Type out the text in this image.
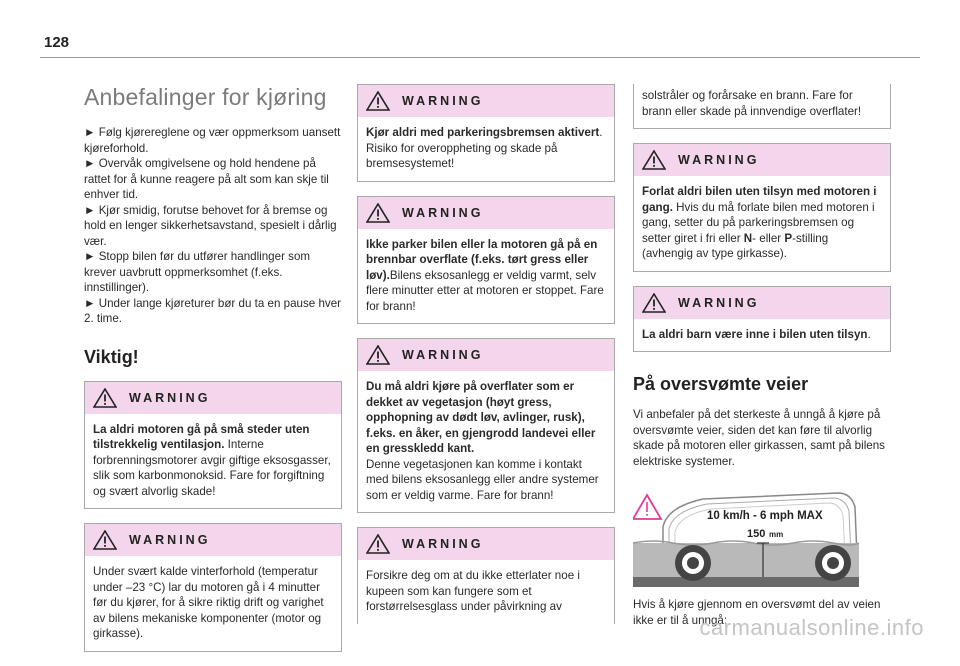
128
Anbefalinger for kjøring

► Følg kjørereglene og vær oppmerksom uansett kjøreforhold.
► Overvåk omgivelsene og hold hendene på rattet for å kunne reagere på alt som kan skje til enhver tid.
► Kjør smidig, forutse behovet for å bremse og hold en lenger sikkerhetsavstand, spesielt i dårlig vær.
► Stopp bilen før du utfører handlinger som krever uavbrutt oppmerksomhet (f.eks. innstillinger).
► Under lange kjøreturer bør du ta en pause hver 2. time.

Viktig!
WARNING
La aldri motoren gå på små steder uten tilstrekkelig ventilasjon. Interne forbrenningsmotorer avgir giftige eksosgasser, slik som karbonmonoksid. Fare for forgiftning og svært alvorlig skade!
WARNING
Under svært kalde vinterforhold (temperatur under –23 °C) lar du motoren gå i 4 minutter før du kjører, for å sikre riktig drift og varighet av bilens mekaniske komponenter (motor og girkasse).
WARNING
Kjør aldri med parkeringsbremsen aktivert. Risiko for overoppheting og skade på bremsesystemet!
WARNING
Ikke parker bilen eller la motoren gå på en brennbar overflate (f.eks. tørt gress eller løv).Bilens eksosanlegg er veldig varmt, selv flere minutter etter at motoren er stoppet. Fare for brann!
WARNING
Du må aldri kjøre på overflater som er dekket av vegetasjon (høyt gress, opphopning av dødt løv, avlinger, rusk), f.eks. en åker, en gjengrodd landevei eller en gresskledd kant.
Denne vegetasjonen kan komme i kontakt med bilens eksosanlegg eller andre systemer som er veldig varme. Fare for brann!
WARNING
Forsikre deg om at du ikke etterlater noe i kupeen som kan fungere som et forstørrelsesglass under påvirkning av
solstråler og forårsake en brann. Fare for brann eller skade på innvendige overflater!
WARNING
Forlat aldri bilen uten tilsyn med motoren i gang. Hvis du må forlate bilen med motoren i gang, setter du på parkeringsbremsen og setter giret i fri eller N- eller P-stilling (avhengig av type girkasse).
WARNING
La aldri barn være inne i bilen uten tilsyn.
På oversvømte veier

Vi anbefaler på det sterkeste å unngå å kjøre på oversvømte veier, siden det kan føre til alvorlig skade på motoren eller girkassen, samt på bilens elektriske systemer.

10 km/h - 6 mph MAX
150 mm

Hvis å kjøre gjennom en oversvømt del av veien ikke er til å unngå:

carmanualsonline.info
